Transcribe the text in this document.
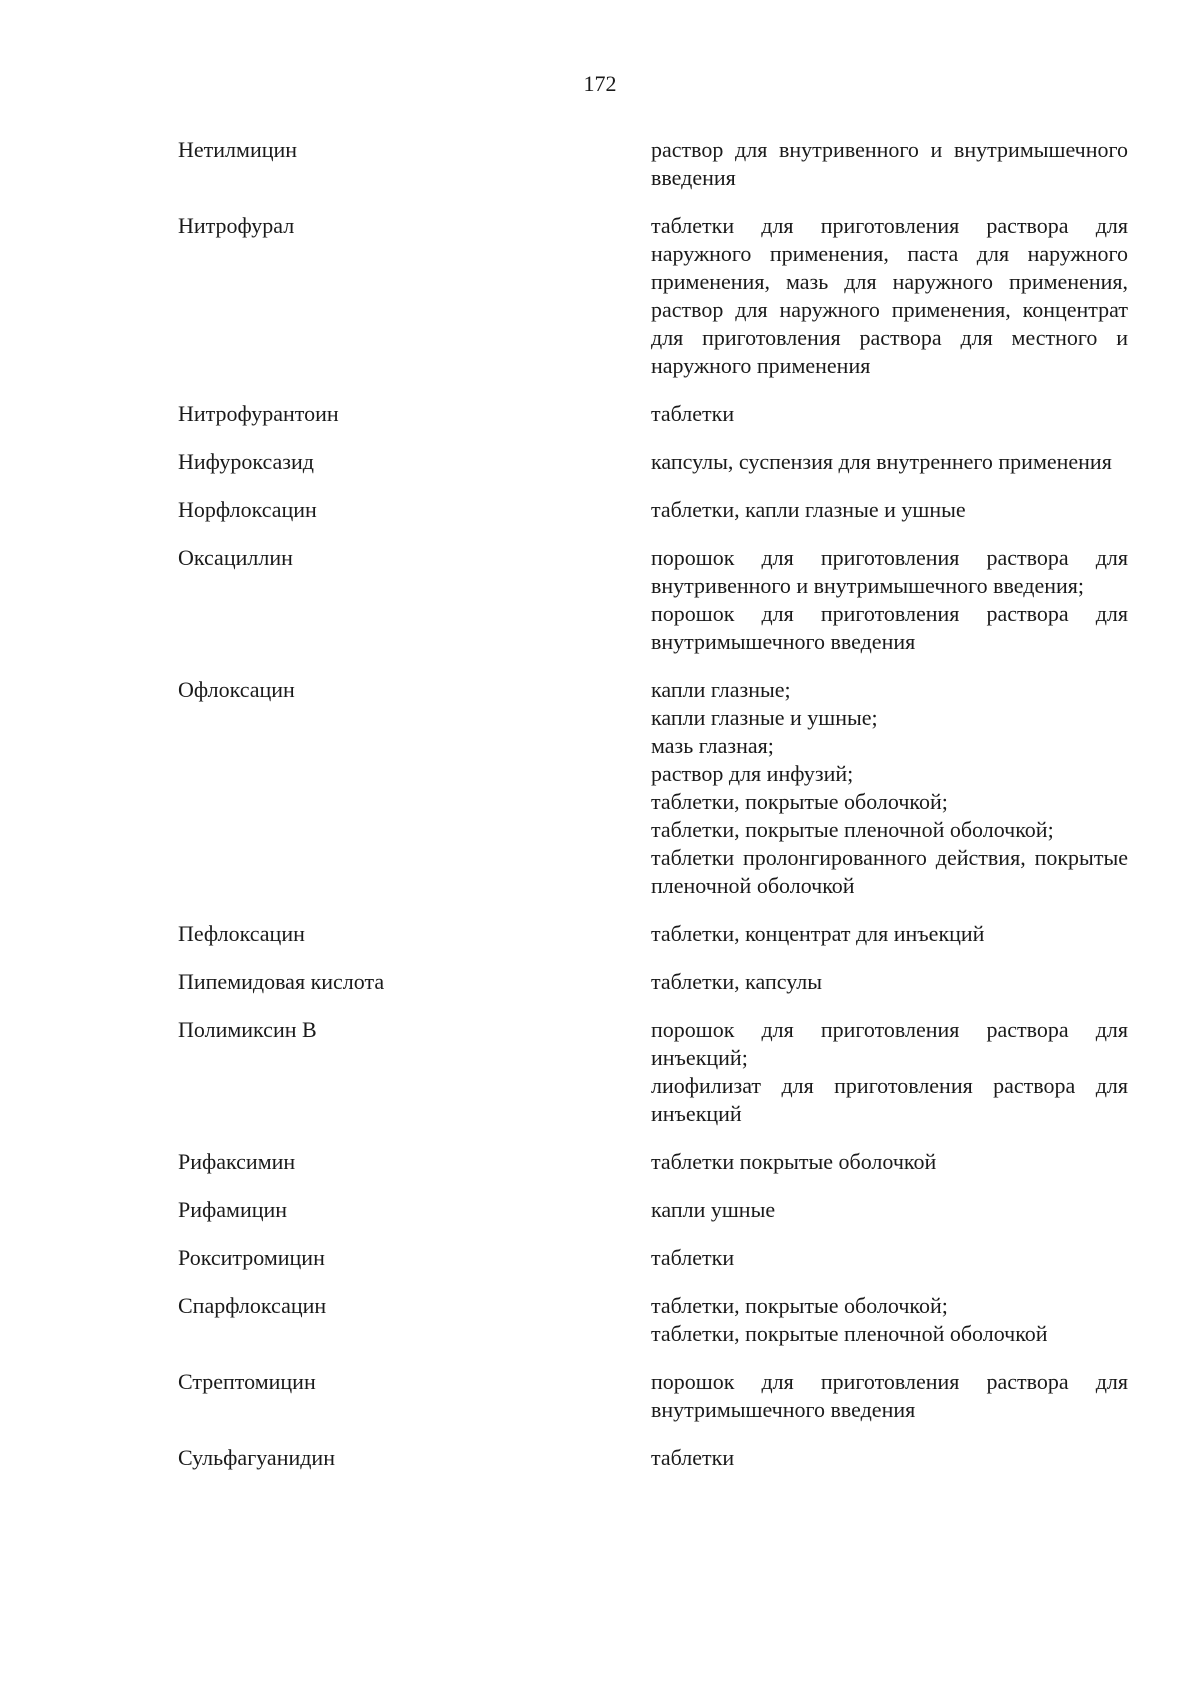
172
Нетилмицин	раствор для внутривенного и внутримышечного введения
Нитрофурал	таблетки для приготовления раствора для наружного применения, паста для наружного применения, мазь для наружного применения, раствор для наружного применения, концентрат для приготовления раствора для местного и наружного применения
Нитрофурантоин	таблетки
Нифуроксазид	капсулы, суспензия для внутреннего применения
Норфлоксацин	таблетки, капли глазные и ушные
Оксациллин	порошок для приготовления раствора для внутривенного и внутримышечного введения;
порошок для приготовления раствора для внутримышечного введения
Офлоксацин	капли глазные;
капли глазные и ушные;
мазь глазная;
раствор для инфузий;
таблетки, покрытые оболочкой;
таблетки, покрытые пленочной оболочкой;
таблетки пролонгированного действия, покрытые пленочной оболочкой
Пефлоксацин	таблетки, концентрат для инъекций
Пипемидовая кислота	таблетки, капсулы
Полимиксин B	порошок для приготовления раствора для инъекций;
лиофилизат для приготовления раствора для инъекций
Рифаксимин	таблетки покрытые оболочкой
Рифамицин	капли ушные
Рокситромицин	таблетки
Спарфлоксацин	таблетки, покрытые оболочкой;
таблетки, покрытые пленочной оболочкой
Стрептомицин	порошок для приготовления раствора для внутримышечного введения
Сульфагуанидин	таблетки
